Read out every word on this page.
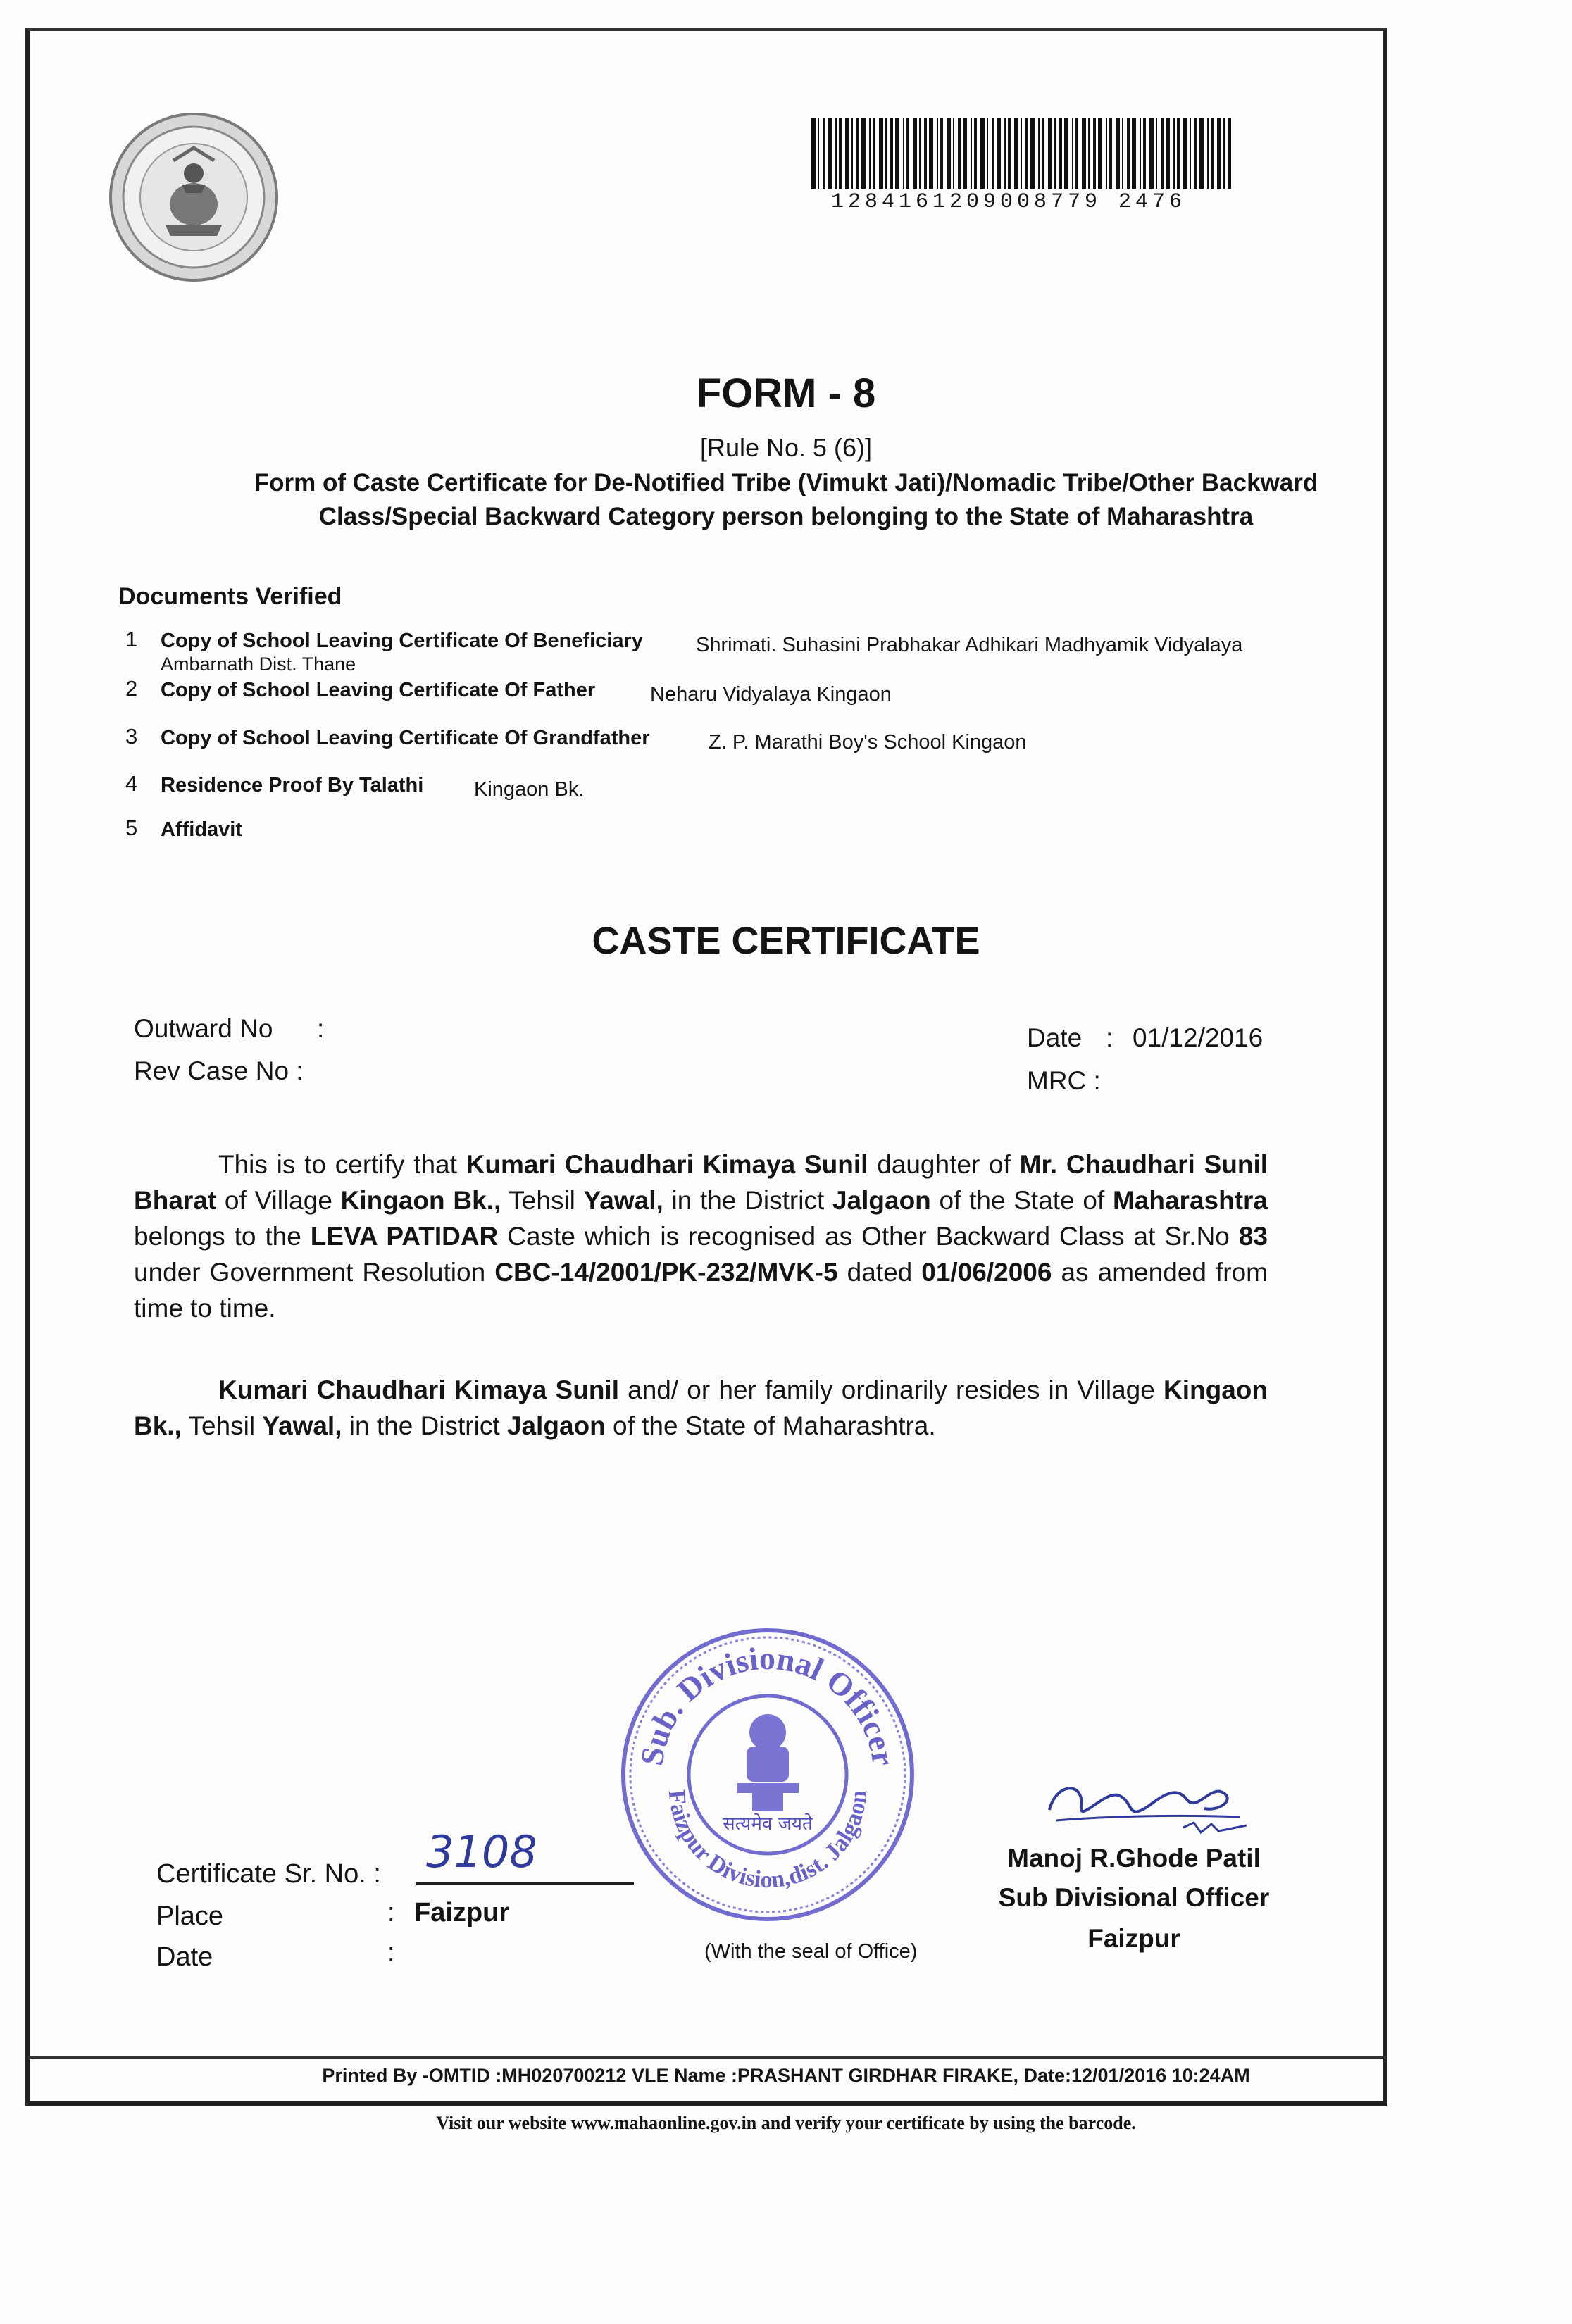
1284161209008779 2476
FORM - 8
[Rule No. 5 (6)]
Form of Caste Certificate for De-Notified Tribe (Vimukt Jati)/Nomadic Tribe/Other Backward
Class/Special Backward Category person belonging to the State of Maharashtra
Documents Verified
1 Copy of School Leaving Certificate Of Beneficiary	Shrimati. Suhasini Prabhakar Adhikari Madhyamik Vidyalaya
Ambarnath Dist. Thane
2 Copy of School Leaving Certificate Of Father	Neharu Vidyalaya Kingaon
3 Copy of School Leaving Certificate Of Grandfather	Z. P. Marathi Boy's School Kingaon
4 Residence Proof By Talathi Kingaon Bk.
5 Affidavit
CASTE CERTIFICATE
Outward No :
Rev Case No :
Date : 01/12/2016
MRC :
This is to certify that Kumari Chaudhari Kimaya Sunil daughter of Mr. Chaudhari Sunil Bharat of Village Kingaon Bk., Tehsil Yawal, in the District Jalgaon of the State of Maharashtra belongs to the LEVA PATIDAR Caste which is recognised as Other Backward Class at Sr.No 83 under Government Resolution CBC-14/2001/PK-232/MVK-5 dated 01/06/2006 as amended from time to time.
Kumari Chaudhari Kimaya Sunil and/ or her family ordinarily resides in Village Kingaon Bk., Tehsil Yawal, in the District Jalgaon of the State of Maharashtra.
Sub. Divisional Officer
Faizpur Division,dist. Jalgaon
सत्यमेव जयते
(With the seal of Office)
Manoj R.Ghode Patil
Sub Divisional Officer
Faizpur
Certificate Sr. No. : 3108
Place	: Faizpur
Date	:
Printed By -OMTID :MH020700212 VLE Name :PRASHANT GIRDHAR FIRAKE, Date:12/01/2016 10:24AM
Visit our website www.mahaonline.gov.in and verify your certificate by using the barcode.
